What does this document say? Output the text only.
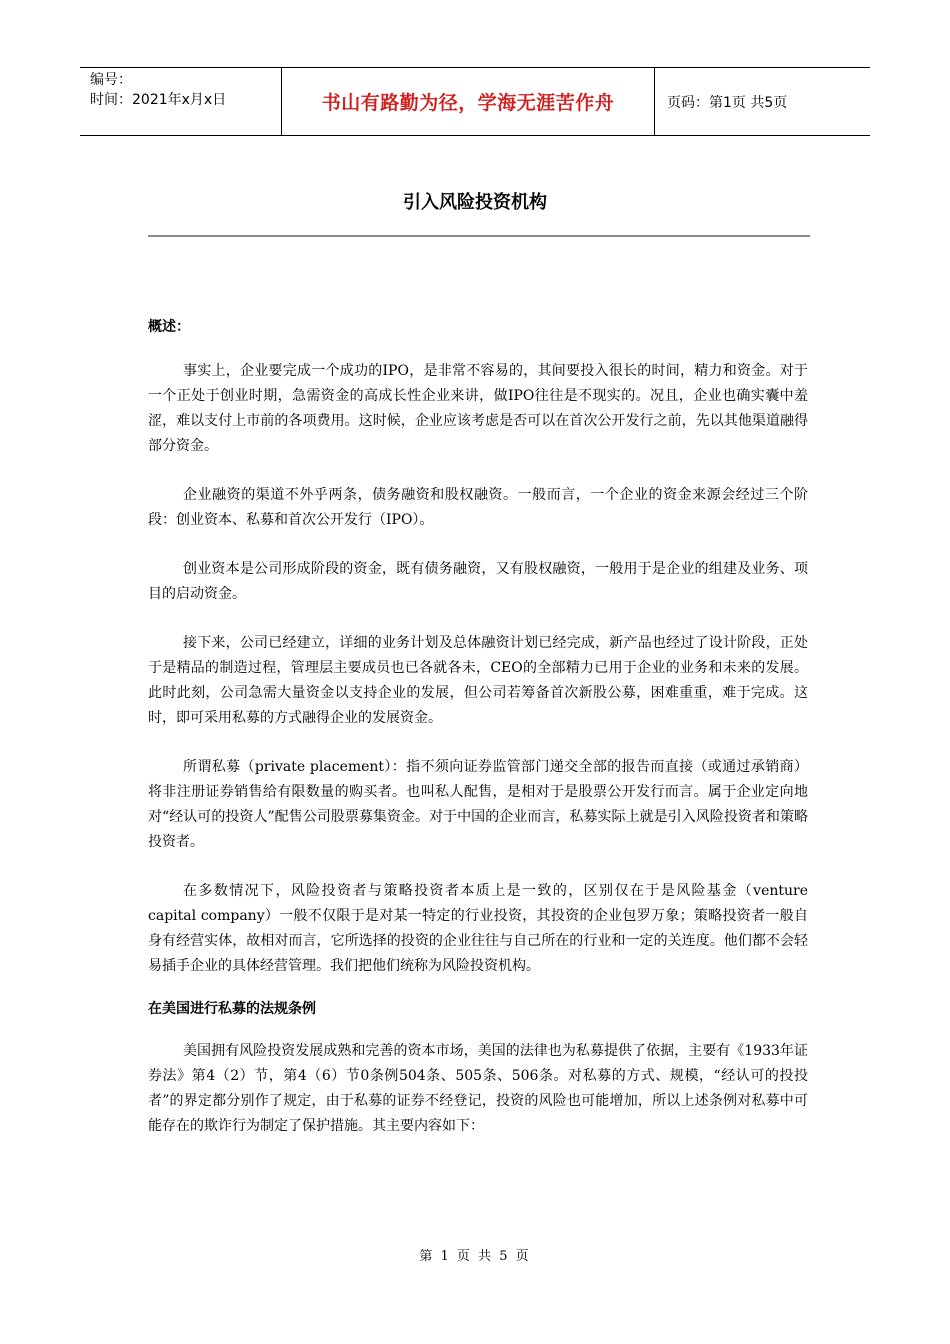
编号：
时间：2021年x月x日	书山有路勤为径，学海无涯苦作舟	页码：第1页 共5页
引入风险投资机构

概述：

事实上，企业要完成一个成功的IPO，是非常不容易的，其间要投入很长的时间，精力和资金。对于一个正处于创业时期，急需资金的高成长性企业来讲，做IPO往往是不现实的。况且，企业也确实囊中羞涩，难以支付上市前的各项费用。这时候，企业应该考虑是否可以在首次公开发行之前，先以其他渠道融得部分资金。

企业融资的渠道不外乎两条，债务融资和股权融资。一般而言，一个企业的资金来源会经过三个阶段：创业资本、私募和首次公开发行（IPO）。

创业资本是公司形成阶段的资金，既有债务融资，又有股权融资，一般用于是企业的组建及业务、项目的启动资金。

接下来，公司已经建立，详细的业务计划及总体融资计划已经完成，新产品也经过了设计阶段，正处于是精品的制造过程，管理层主要成员也已各就各未，CEO的全部精力已用于企业的业务和未来的发展。此时此刻，公司急需大量资金以支持企业的发展，但公司若筹备首次新股公募，困难重重，难于完成。这时，即可采用私募的方式融得企业的发展资金。

所谓私募（private placement）：指不须向证券监管部门递交全部的报告而直接（或通过承销商）将非注册证券销售给有限数量的购买者。也叫私人配售，是相对于是股票公开发行而言。属于企业定向地对“经认可的投资人”配售公司股票募集资金。对于中国的企业而言，私募实际上就是引入风险投资者和策略投资者。

在多数情况下，风险投资者与策略投资者本质上是一致的，区别仅在于是风险基金（venture capital company）一般不仅限于是对某一特定的行业投资，其投资的企业包罗万象；策略投资者一般自身有经营实体，故相对而言，它所选择的投资的企业往往与自己所在的行业和一定的关连度。他们都不会轻易插手企业的具体经营管理。我们把他们统称为风险投资机构。

在美国进行私募的法规条例

美国拥有风险投资发展成熟和完善的资本市场，美国的法律也为私募提供了依据，主要有《1933年证券法》第4（2）节，第4（6）节0条例504条、505条、506条。对私募的方式、规模，“经认可的投投者”的界定都分别作了规定，由于私募的证券不经登记，投资的风险也可能增加，所以上述条例对私募中可能存在的欺诈行为制定了保护措施。其主要内容如下：

第 1 页 共 5 页
